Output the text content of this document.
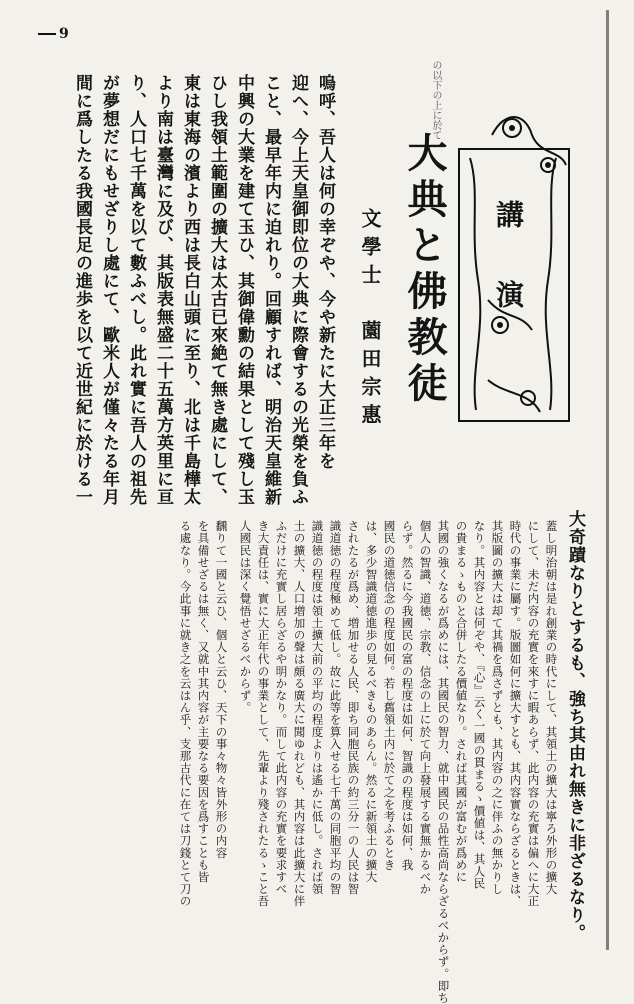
9
講　演
大典と佛教徒
文學士　薗田宗惠
の以下の上に於て
嗚呼、吾人は何の幸ぞや、今や新たに大正三年を
迎へ、今上天皇御即位の大典に際會するの光榮を負ふ
こと、最早年内に迫れり。回顧すれば、明治天皇維新
中興の大業を建て玉ひ、其御偉勳の結果として殘し玉
ひし我領土範圍の擴大は太古已來絶て無き處にして、
東は東海の濱より西は長白山頭に至り、北は千島樺太
より南は臺灣に及び、其版表無盛二十五萬方英里に亘
り、人口七千萬を以て數ふべし。此れ實に吾人の祖先
が夢想だにもせざりし處にて、歐米人が僅々たる年月
間に爲したる我國長足の進歩を以て近世紀に於ける一
大奇蹟なりとするも、強ち其由れ無きに非ざるなり。
蓋し明治朝は是れ創業の時代にして、其領土の擴大は寧ろ外形の擴大
にして、未だ内容の充實を來すに暇あらず、此内容の充實は偏へに大正
時代の事業に屬す。版圖如何に擴大すとも、其内容實ならざるときは、
其版圖の擴大は却て其禍を爲さずとも、其内容の之に伴ふの無かりし
なり。其内容とは何ぞや、『心』云く一國の貫まるゝ價値は、其人民
の貴まるゝものと合併したる價値なり。されば其國が富むが爲めに
其國の強くなるが爲めには、其國民の智力、就中國民の品性高尚ならざるべからず。即ち
個人の智識、道徳、宗教、信念の上に於て向上發展する實無かるべか
らず。然るに今我國民の富の程度は如何、智識の程度は如何、我
國民の道徳信念の程度如何。若し舊領土内に於て之を考ふるとき
は、多少智識道徳進歩の見るべきものあらん。然るに新領土の擴大
されたるが爲め、増加せる人民、即ち同胞民族の約三分一の人民は智
識道徳の程度極めて低し。故に此等を算入せる七千萬の同胞平均の智
識道徳の程度は領土擴大前の平均の程度よりは遙かに低し。されば領
土の擴大、人口増加の聲は頗る廣大に聞ゆれども、其内容は此擴大に伴
ふだけに充實し居らざるや明かなり。而して此内容の充實を要求すべ
き大責任は、實に大正年代の事業として、先輩より殘されたるゝこと吾
人國民は深く覺悟せざるべからず。
飜りて一國と云ひ、個人と云ひ、天下の事々物々皆外形の内容
を具備せざるは無く、又就中其内容が主要なる要因を爲すことも皆
る處なり。今此事に就き之を云はん乎、支那古代に在ては刀錢とて刀の
